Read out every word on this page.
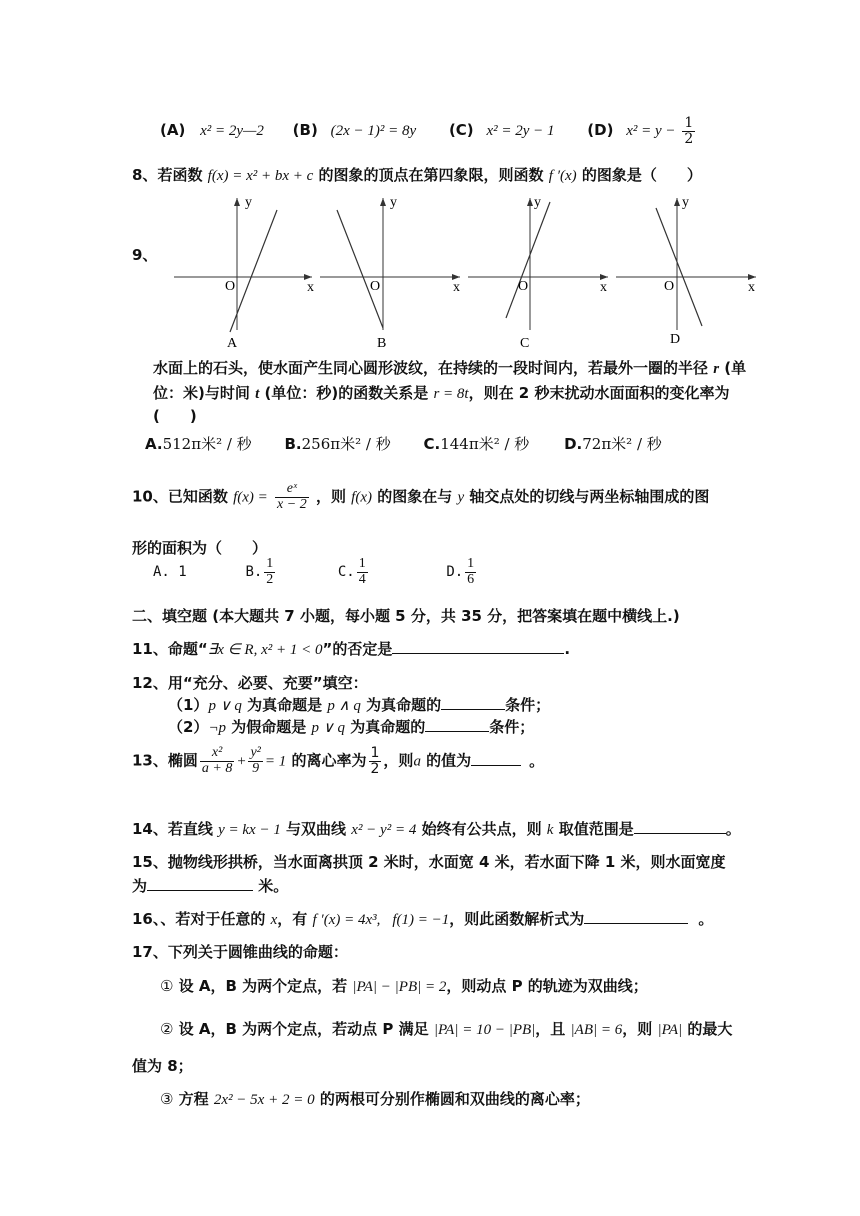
(A) x² = 2y—2 (B) (2x − 1)² = 8y (C) x² = 2y − 1 (D) $x^2 = y - \frac{1}{2}$
8、若函数 f(x) = x² + bx + c 的图象的顶点在第四象限，则函数 f ′(x) 的图象是（　　）
9、
y
O	x
A
y
O	x
B
y
O	x
C
y
O	x
D
水面上的石头，使水面产生同心圆形波纹，在持续的一段时间内，若最外一圈的半径 r (单
位：米)与时间 t (单位：秒)的函数关系是 r = 8t，则在 2 秒末扰动水面面积的变化率为
(　　)
A.512π米² / 秒 B.256π米² / 秒 C.144π米² / 秒 D.72π米² / 秒
10、已知函数 $f(x) = \frac{\text{eˣ}}{x - 2}$ ，则 f(x) 的图象在与 y 轴交点处的切线与两坐标轴围成的图
形的面积为（　　）
A. 1	B. $\frac{1}{2}$	C. $\frac{1}{4}$	D. $\frac{1}{6}$
二、填空题 (本大题共 7 小题，每小题 5 分，共 35 分，把答案填在题中横线上.)
11、命题“∃x ∈ R, x² + 1 < 0”的否定是	.
12、用“充分、必要、充要”填空：
（1）p ∨ q 为真命题是 p ∧ q 为真命题的	条件；
（2）¬p 为假命题是 p ∨ q 为真命题的	条件；
13、椭圆 $\frac{\text{x²}}{a + 8} + \frac{\text{y²}}{9} = 1$ 的离心率为 $\frac{1}{2}$ ，则a 的值为	。
14、若直线 y = kx − 1 与双曲线 x² − y² = 4 始终有公共点，则 k 取值范围是	。
15、抛物线形拱桥，当水面离拱顶 2 米时，水面宽 4 米，若水面下降 1 米，则水面宽度
为	米。
16、、若对于任意的 x，有 f ′(x) = 4x³, f(1) = −1，则此函数解析式为	。
17、下列关于圆锥曲线的命题：
① 设 A，B 为两个定点，若 |PA| − |PB| = 2，则动点 P 的轨迹为双曲线；
② 设 A，B 为两个定点，若动点 P 满足 |PA| = 10 − |PB|，且 |AB| = 6，则 |PA| 的最大
值为 8；
③ 方程 2x² − 5x + 2 = 0 的两根可分别作椭圆和双曲线的离心率；
